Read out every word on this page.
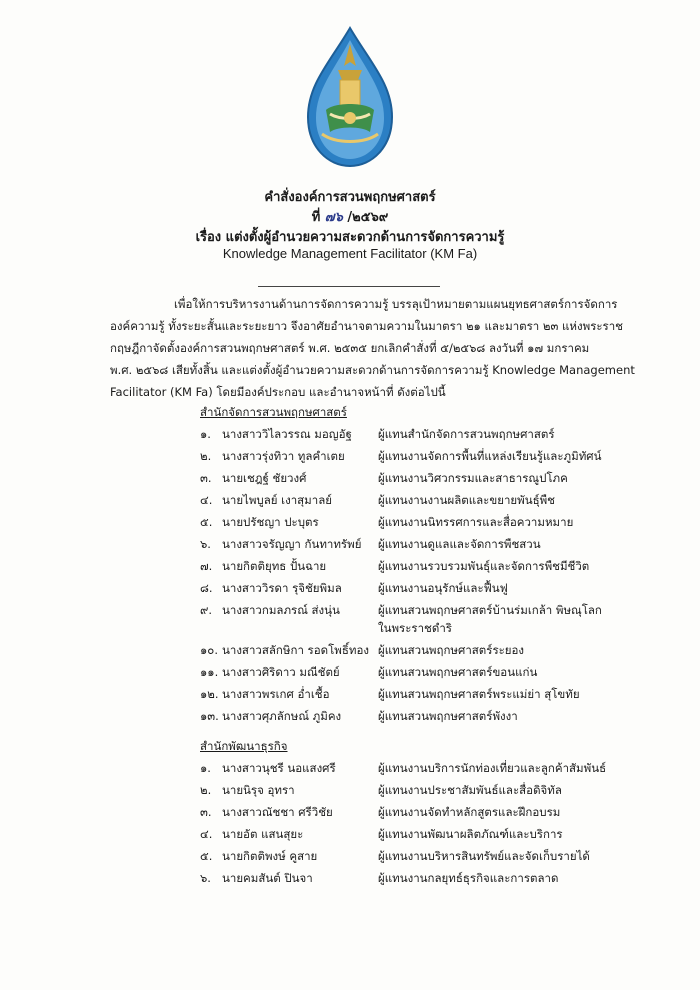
คำสั่งองค์การสวนพฤกษศาสตร์
ที่ ๗๖ /๒๕๖๙
เรื่อง แต่งตั้งผู้อำนวยความสะดวกด้านการจัดการความรู้
Knowledge Management Facilitator (KM Fa)
เพื่อให้การบริหารงานด้านการจัดการความรู้ บรรลุเป้าหมายตามแผนยุทธศาสตร์การจัดการ
องค์ความรู้ ทั้งระยะสั้นและระยะยาว จึงอาศัยอำนาจตามความในมาตรา ๒๑ และมาตรา ๒๓ แห่งพระราช
กฤษฎีกาจัดตั้งองค์การสวนพฤกษศาสตร์ พ.ศ. ๒๕๓๕ ยกเลิกคำสั่งที่ ๕/๒๕๖๘ ลงวันที่ ๑๗ มกราคม
พ.ศ. ๒๕๖๘ เสียทั้งสิ้น และแต่งตั้งผู้อำนวยความสะดวกด้านการจัดการความรู้ Knowledge Management
Facilitator (KM Fa) โดยมีองค์ประกอบ และอำนาจหน้าที่ ดังต่อไปนี้
สำนักจัดการสวนพฤกษศาสตร์
๑. นางสาววิไลวรรณ มอญอัฐ ผู้แทนสำนักจัดการสวนพฤกษศาสตร์
๒. นางสาวรุ่งทิวา ทูลคำเตย	ผู้แทนงานจัดการพื้นที่แหล่งเรียนรู้และภูมิทัศน์
๓. นายเชฎฐ์ ชัยวงศ์	ผู้แทนงานวิศวกรรมและสาธารณูปโภค
๔. นายไพบูลย์ เงาสุมาลย์	ผู้แทนงานงานผลิตและขยายพันธุ์พืช
๕. นายปรัชญา ปะบุตร	ผู้แทนงานนิทรรศการและสื่อความหมาย
๖. นางสาวจรัญญา กันทาทรัพย์ ผู้แทนงานดูแลและจัดการพืชสวน
๗. นายกิตติยุทธ ปั้นฉาย	ผู้แทนงานรวบรวมพันธุ์และจัดการพืชมีชีวิต
๘. นางสาววิรดา รุจิชัยพิมล	ผู้แทนงานอนุรักษ์และฟื้นฟู
๙. นางสาวกมลภรณ์ ส่งนุ่น	ผู้แทนสวนพฤกษศาสตร์บ้านร่มเกล้า พิษณุโลก
ในพระราชดำริ
๑๐. นางสาวสลักษิกา รอดโพธิ์ทอง ผู้แทนสวนพฤกษศาสตร์ระยอง
๑๑. นางสาวศิริดาว มณีชัตย์	ผู้แทนสวนพฤกษศาสตร์ขอนแก่น
๑๒. นางสาวพรเกศ อ่ำเชื้อ	ผู้แทนสวนพฤกษศาสตร์พระแม่ย่า สุโขทัย
๑๓. นางสาวศุภลักษณ์ ภูมิคง	ผู้แทนสวนพฤกษศาสตร์พังงา
สำนักพัฒนาธุรกิจ
๑. นางสาวนุชรี นอแสงศรี	ผู้แทนงานบริการนักท่องเที่ยวและลูกค้าสัมพันธ์
๒. นายนิรุจ อุทรา	ผู้แทนงานประชาสัมพันธ์และสื่อดิจิทัล
๓. นางสาวณัชชา ศรีวิชัย	ผู้แทนงานจัดทำหลักสูตรและฝึกอบรม
๔. นายอัต แสนสุยะ	ผู้แทนงานพัฒนาผลิตภัณฑ์และบริการ
๕. นายกิตติพงษ์ คูสาย	ผู้แทนงานบริหารสินทรัพย์และจัดเก็บรายได้
๖. นายคมสันต์ ปินจา	ผู้แทนงานกลยุทธ์ธุรกิจและการตลาด
